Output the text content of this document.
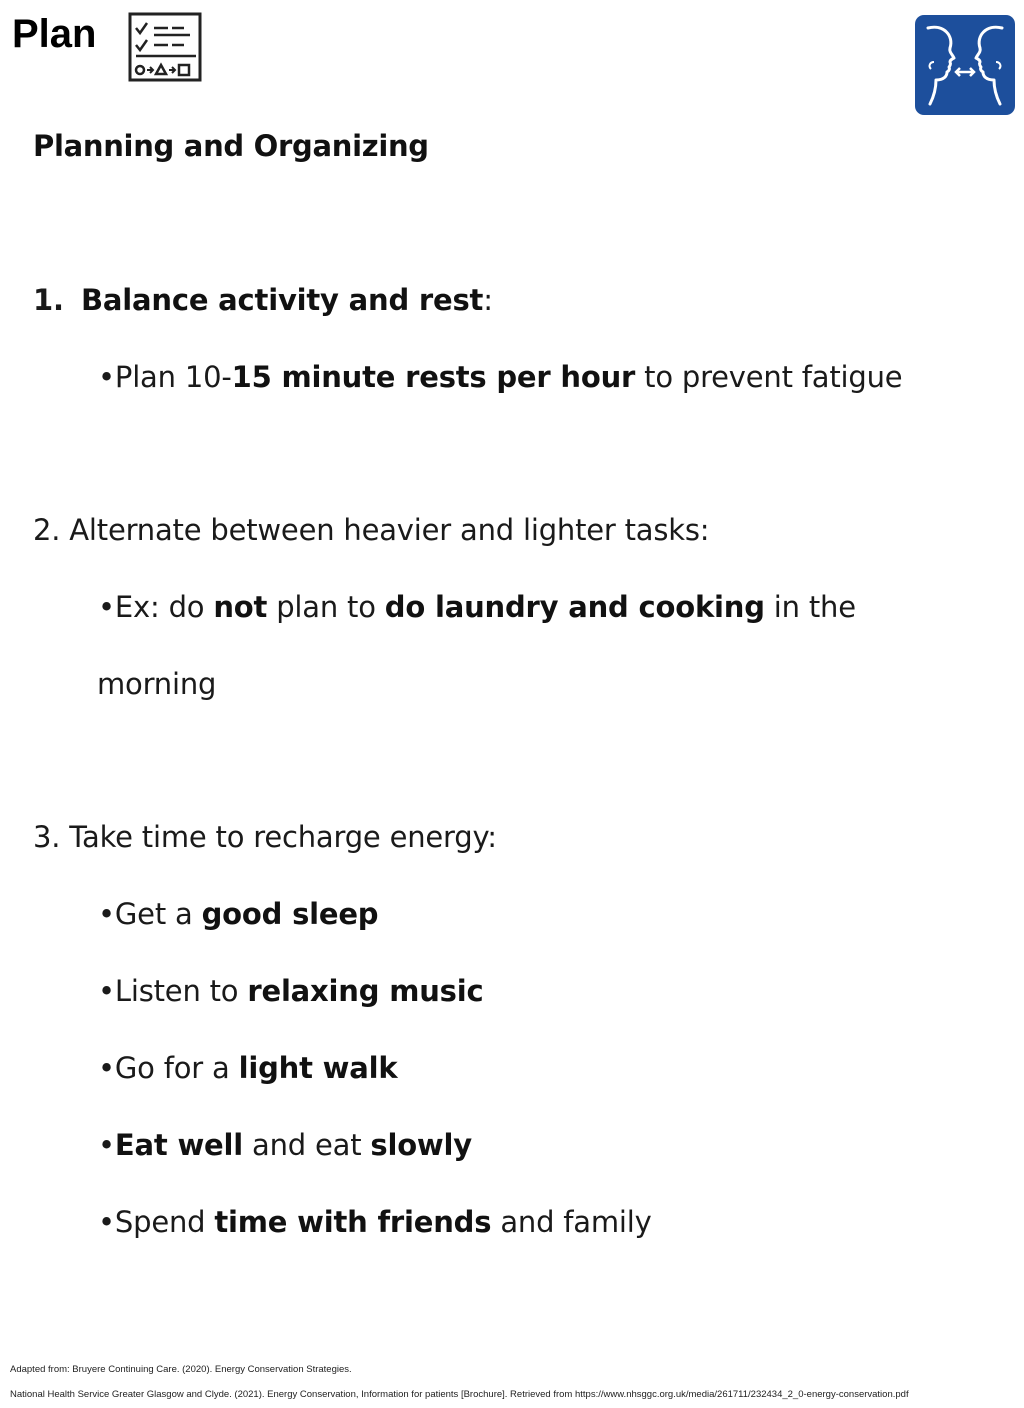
Plan
Planning and Organizing
1. Balance activity and rest:
•Plan 10-15 minute rests per hour to prevent fatigue
2. Alternate between heavier and lighter tasks:
•Ex: do not plan to do laundry and cooking in the
morning
3. Take time to recharge energy:
•Get a good sleep
•Listen to relaxing music
•Go for a light walk
•Eat well and eat slowly
•Spend time with friends and family
Adapted from: Bruyere Continuing Care. (2020). Energy Conservation Strategies.
National Health Service Greater Glasgow and Clyde. (2021). Energy Conservation, Information for patients [Brochure]. Retrieved from https://www.nhsggc.org.uk/media/261711/232434_2_0-energy-conservation.pdf
